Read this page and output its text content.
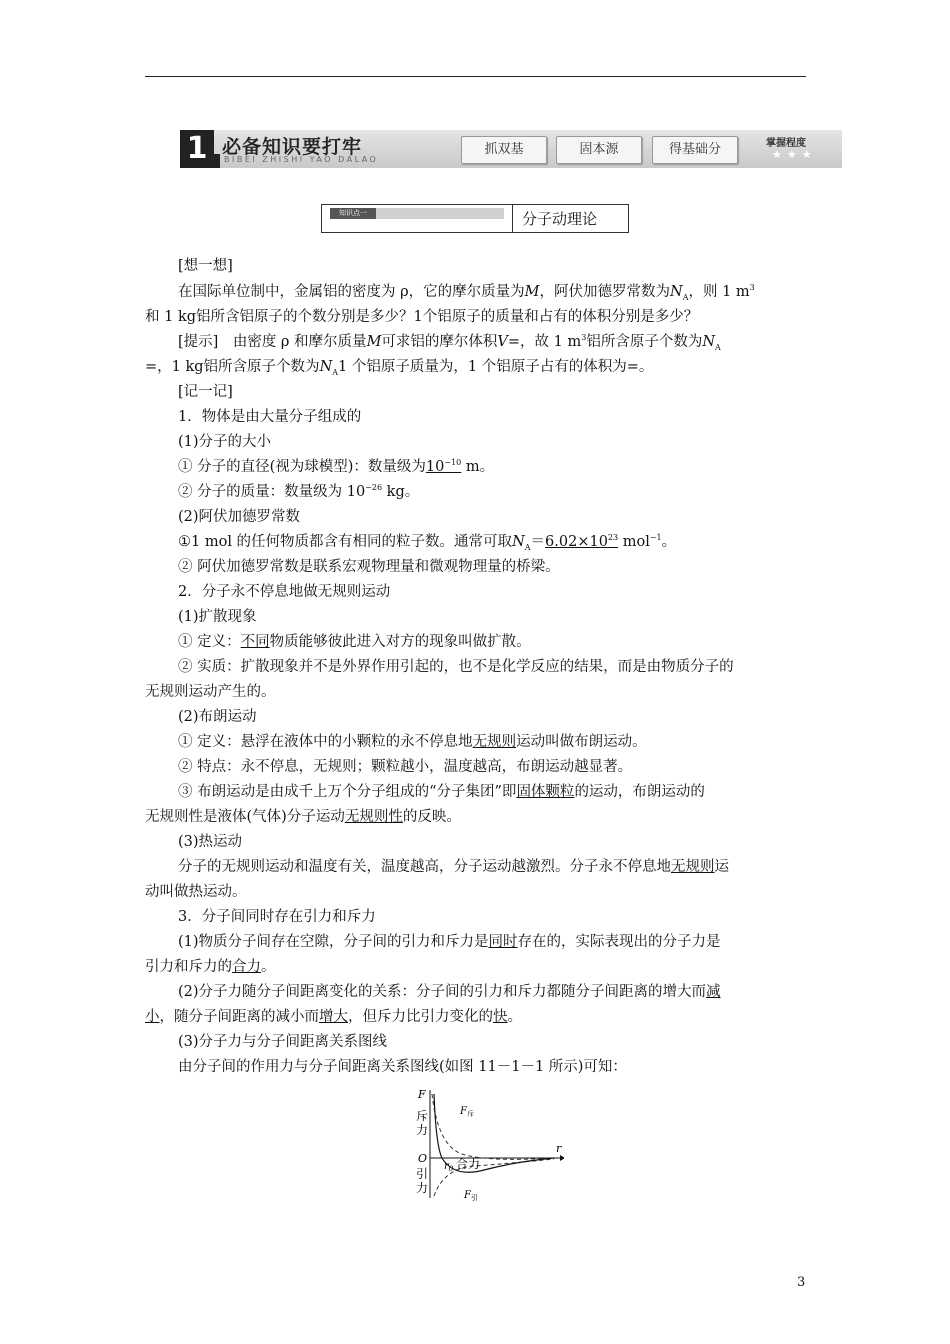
1 必备知识要打牢
BIBEI ZHISHI YAO DALAO
抓双基	固本源	得基础分	掌握程度
★★★
知识点一	分子动理论
[想一想]
在国际单位制中，金属铝的密度为 ρ，它的摩尔质量为M，阿伏加德罗常数为$N_A$，则 1 $m^3$
和 1 kg铝所含铝原子的个数分别是多少？1个铝原子的质量和占有的体积分别是多少？
[提示]　由密度 ρ 和摩尔质量M可求铝的摩尔体积V=，故 1 $m^3$铝所含原子个数为$N_A$
=，1 kg铝所含原子个数为$N_A1$ 个铝原子质量为，1 个铝原子占有的体积为=。
[记一记]
1．物体是由大量分子组成的
(1)分子的大小
① 分子的直径(视为球模型)：数量级为$10^{-10}$ m。
② 分子的质量：数量级为 $10^{-26}$ kg。
(2)阿伏加德罗常数
①1 mol 的任何物质都含有相同的粒子数。通常可取$N_A=6.02\times 10^{23}$ mol$^{-1}$。
② 阿伏加德罗常数是联系宏观物理量和微观物理量的桥梁。
2．分子永不停息地做无规则运动
(1)扩散现象
① 定义：不同物质能够彼此进入对方的现象叫做扩散。
② 实质：扩散现象并不是外界作用引起的，也不是化学反应的结果，而是由物质分子的
无规则运动产生的。
(2)布朗运动
① 定义：悬浮在液体中的小颗粒的永不停息地无规则运动叫做布朗运动。
② 特点：永不停息，无规则；颗粒越小，温度越高，布朗运动越显著。
③ 布朗运动是由成千上万个分子组成的“分子集团”即固体颗粒的运动，布朗运动的
无规则性是液体(气体)分子运动无规则性的反映。
(3)热运动
分子的无规则运动和温度有关，温度越高，分子运动越激烈。分子永不停息地无规则运
动叫做热运动。
3．分子间同时存在引力和斥力
(1)物质分子间存在空隙，分子间的引力和斥力是同时存在的，实际表现出的分子力是
引力和斥力的合力。
(2)分子力随分子间距离变化的关系：分子间的引力和斥力都随分子间距离的增大而减
小，随分子间距离的减小而增大，但斥力比引力变化的快。
(3)分子力与分子间距离关系图线
由分子间的作用力与分子间距离关系图线(如图 11－1－1 所示)可知：
F
斥
力
O
引
力
r
$r_0$ 合力
$F_斥$
$F_引$
3
